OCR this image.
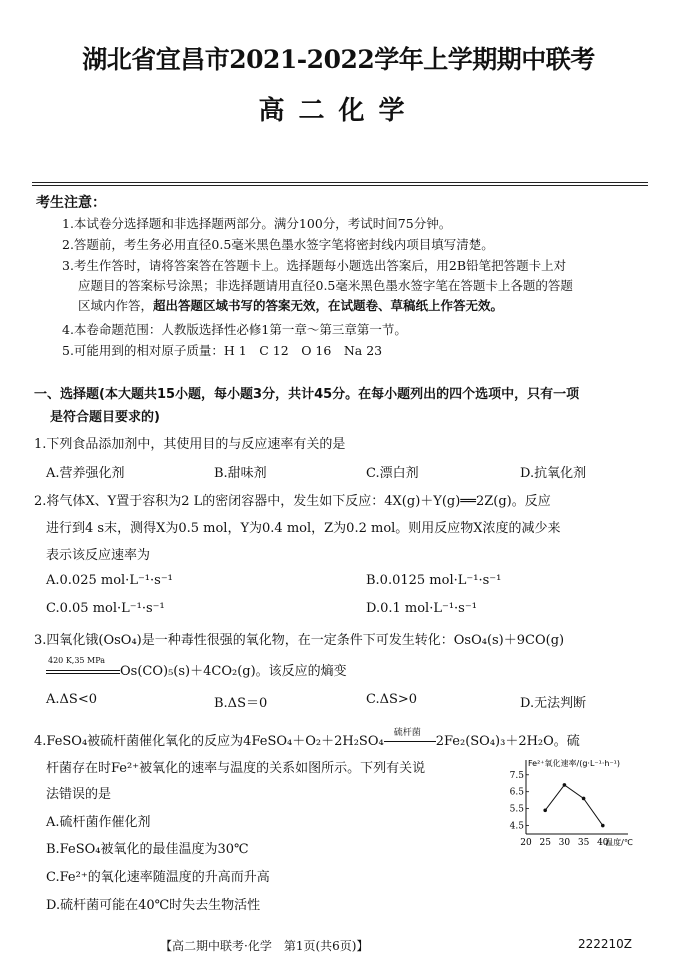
湖北省宜昌市2021-2022学年上学期期中联考
高二化学
考生注意：
1.本试卷分选择题和非选择题两部分。满分100分，考试时间75分钟。
2.答题前，考生务必用直径0.5毫米黑色墨水签字笔将密封线内项目填写清楚。
3.考生作答时，请将答案答在答题卡上。选择题每小题选出答案后，用2B铅笔把答题卡上对
应题目的答案标号涂黑；非选择题请用直径0.5毫米黑色墨水签字笔在答题卡上各题的答题
区域内作答，超出答题区域书写的答案无效，在试题卷、草稿纸上作答无效。
4.本卷命题范围：人教版选择性必修1第一章～第三章第一节。
5.可能用到的相对原子质量：H 1　C 12　O 16　Na 23
一、选择题(本大题共15小题，每小题3分，共计45分。在每小题列出的四个选项中，只有一项
是符合题目要求的)
1.下列食品添加剂中，其使用目的与反应速率有关的是
A.营养强化剂	B.甜味剂	C.漂白剂	D.抗氧化剂
2.将气体X、Y置于容积为2 L的密闭容器中，发生如下反应：4X(g)＋Y(g)══2Z(g)。反应
进行到4 s末，测得X为0.5 mol，Y为0.4 mol，Z为0.2 mol。则用反应物X浓度的减少来
表示该反应速率为
A.0.025 mol·L⁻¹·s⁻¹	B.0.0125 mol·L⁻¹·s⁻¹
C.0.05 mol·L⁻¹·s⁻¹	D.0.1 mol·L⁻¹·s⁻¹
3.四氧化锇(OsO₄)是一种毒性很强的氧化物，在一定条件下可发生转化：OsO₄(s)＋9CO(g)
420 K,35 MPa
Os(CO)₅(s)＋4CO₂(g)。该反应的熵变
A.ΔS<0	B.ΔS＝0	C.ΔS>0	D.无法判断
4.FeSO₄被硫杆菌催化氧化的反应为4FeSO₄＋O₂＋2H₂SO₄
硫杆菌
2Fe₂(SO₄)₃＋2H₂O。硫
杆菌存在时Fe²⁺被氧化的速率与温度的关系如图所示。下列有关说
法错误的是
A.硫杆菌作催化剂
B.FeSO₄被氧化的最佳温度为30℃
C.Fe²⁺的氧化速率随温度的升高而升高
D.硫杆菌可能在40℃时失去生物活性
Fe²⁺氧化速率/(g·L⁻¹·h⁻¹)
4.5
5.5
6.5
7.5
20 25 30 35 40
温度/℃
【高二期中联考·化学　第1页(共6页)】	222210Z
